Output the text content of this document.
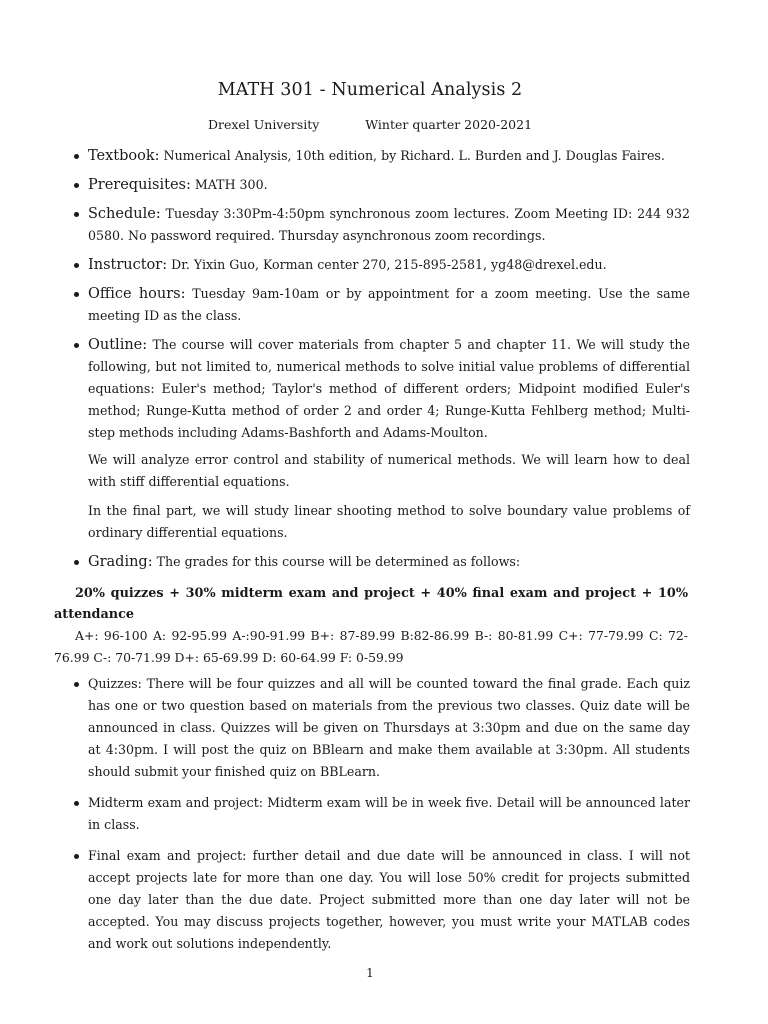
MATH 301 - Numerical Analysis 2
Drexel University	Winter quarter 2020-2021
Textbook: Numerical Analysis, 10th edition, by Richard. L. Burden and J. Douglas Faires.
Prerequisites: MATH 300.
Schedule: Tuesday 3:30Pm-4:50pm synchronous zoom lectures. Zoom Meeting ID: 244 932 0580. No password required. Thursday asynchronous zoom recordings.
Instructor: Dr. Yixin Guo, Korman center 270, 215-895-2581, yg48@drexel.edu.
Office hours: Tuesday 9am-10am or by appointment for a zoom meeting. Use the same meeting ID as the class.
Outline: The course will cover materials from chapter 5 and chapter 11. We will study the following, but not limited to, numerical methods to solve initial value problems of differential equations: Euler's method; Taylor's method of different orders; Midpoint modified Euler's method; Runge-Kutta method of order 2 and order 4; Runge-Kutta Fehlberg method; Multi-step methods including Adams-Bashforth and Adams-Moulton.
We will analyze error control and stability of numerical methods. We will learn how to deal with stiff differential equations.
In the final part, we will study linear shooting method to solve boundary value problems of ordinary differential equations.
Grading: The grades for this course will be determined as follows:
20% quizzes + 30% midterm exam and project + 40% final exam and project + 10% attendance
A+: 96-100 A: 92-95.99 A-:90-91.99 B+: 87-89.99 B:82-86.99 B-: 80-81.99 C+: 77-79.99 C: 72-76.99 C-: 70-71.99 D+: 65-69.99 D: 60-64.99 F: 0-59.99
Quizzes: There will be four quizzes and all will be counted toward the final grade. Each quiz has one or two question based on materials from the previous two classes. Quiz date will be announced in class. Quizzes will be given on Thursdays at 3:30pm and due on the same day at 4:30pm. I will post the quiz on BBlearn and make them available at 3:30pm. All students should submit your finished quiz on BBLearn.
Midterm exam and project: Midterm exam will be in week five. Detail will be announced later in class.
Final exam and project: further detail and due date will be announced in class. I will not accept projects late for more than one day. You will lose 50% credit for projects submitted one day later than the due date. Project submitted more than one day later will not be accepted. You may discuss projects together, however, you must write your MATLAB codes and work out solutions independently.
1
